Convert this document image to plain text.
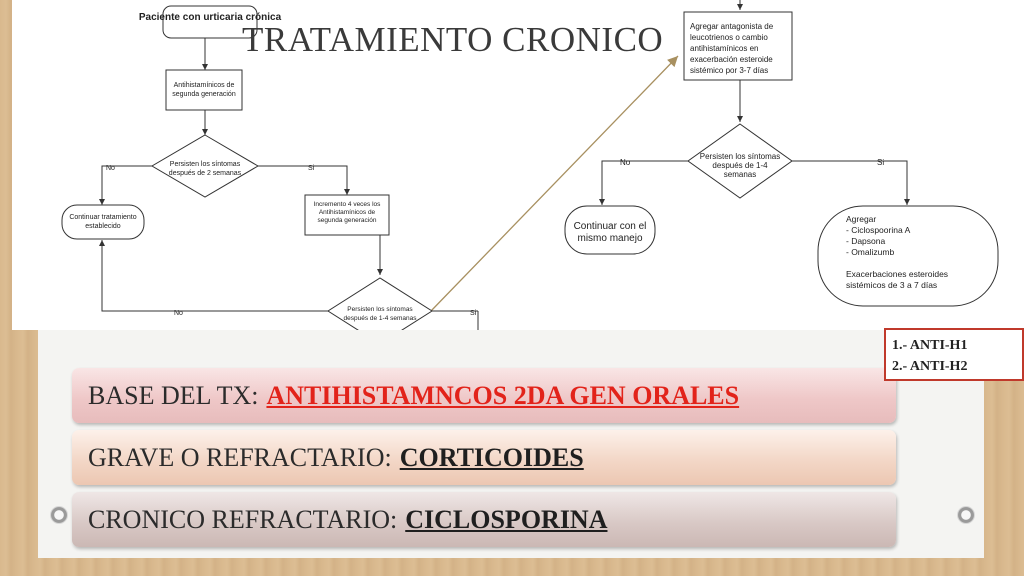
Paciente con urticaria crónica
Antihistamínicos de
segunda generación
Persisten los síntomas
después de 2 semanas
Continuar tratamiento
establecido
Incremento 4 veces los
Antihistamínicos de
segunda generación
Persisten los síntomas
después de 1-4 semanas
Agregar antagonista de
leucotrienos o cambio
antihistamínicos en
exacerbación esteroide
sistémico por 3-7 días
Persisten los síntomas
después de 1-4
semanas
Continuar con el
mismo manejo
Agregar
- Ciclospoorina A
- Dapsona
- Omalizumb
Exacerbaciones esteroides
sistémicos de 3 a 7 días
No	Si
No	Si
No	Si
TRATAMIENTO CRONICO
BASE DEL TX: ANTIHISTAMNCOS 2DA GEN ORALES
GRAVE O REFRACTARIO: CORTICOIDES
CRONICO REFRACTARIO: CICLOSPORINA
1.- ANTI-H1
2.- ANTI-H2
